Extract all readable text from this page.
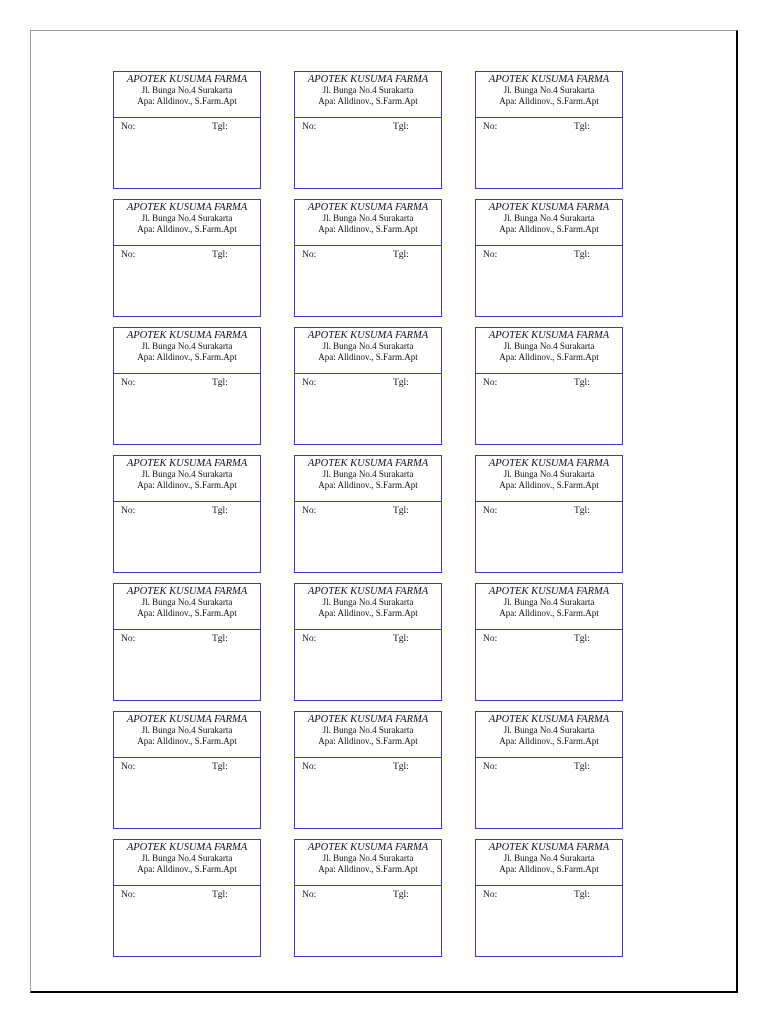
APOTEK KUSUMA FARMA
Jl. Bunga No.4 Surakarta
Apa: Alldinov., S.Farm.Apt
No:	Tgl:
APOTEK KUSUMA FARMA
Jl. Bunga No.4 Surakarta
Apa: Alldinov., S.Farm.Apt
No:	Tgl:
APOTEK KUSUMA FARMA
Jl. Bunga No.4 Surakarta
Apa: Alldinov., S.Farm.Apt
No:	Tgl:
APOTEK KUSUMA FARMA
Jl. Bunga No.4 Surakarta
Apa: Alldinov., S.Farm.Apt
No:	Tgl:
APOTEK KUSUMA FARMA
Jl. Bunga No.4 Surakarta
Apa: Alldinov., S.Farm.Apt
No:	Tgl:
APOTEK KUSUMA FARMA
Jl. Bunga No.4 Surakarta
Apa: Alldinov., S.Farm.Apt
No:	Tgl:
APOTEK KUSUMA FARMA
Jl. Bunga No.4 Surakarta
Apa: Alldinov., S.Farm.Apt
No:	Tgl:
APOTEK KUSUMA FARMA
Jl. Bunga No.4 Surakarta
Apa: Alldinov., S.Farm.Apt
No:	Tgl:
APOTEK KUSUMA FARMA
Jl. Bunga No.4 Surakarta
Apa: Alldinov., S.Farm.Apt
No:	Tgl:
APOTEK KUSUMA FARMA
Jl. Bunga No.4 Surakarta
Apa: Alldinov., S.Farm.Apt
No:	Tgl:
APOTEK KUSUMA FARMA
Jl. Bunga No.4 Surakarta
Apa: Alldinov., S.Farm.Apt
No:	Tgl:
APOTEK KUSUMA FARMA
Jl. Bunga No.4 Surakarta
Apa: Alldinov., S.Farm.Apt
No:	Tgl:
APOTEK KUSUMA FARMA
Jl. Bunga No.4 Surakarta
Apa: Alldinov., S.Farm.Apt
No:	Tgl:
APOTEK KUSUMA FARMA
Jl. Bunga No.4 Surakarta
Apa: Alldinov., S.Farm.Apt
No:	Tgl:
APOTEK KUSUMA FARMA
Jl. Bunga No.4 Surakarta
Apa: Alldinov., S.Farm.Apt
No:	Tgl:
APOTEK KUSUMA FARMA
Jl. Bunga No.4 Surakarta
Apa: Alldinov., S.Farm.Apt
No:	Tgl:
APOTEK KUSUMA FARMA
Jl. Bunga No.4 Surakarta
Apa: Alldinov., S.Farm.Apt
No:	Tgl:
APOTEK KUSUMA FARMA
Jl. Bunga No.4 Surakarta
Apa: Alldinov., S.Farm.Apt
No:	Tgl:
APOTEK KUSUMA FARMA
Jl. Bunga No.4 Surakarta
Apa: Alldinov., S.Farm.Apt
No:	Tgl:
APOTEK KUSUMA FARMA
Jl. Bunga No.4 Surakarta
Apa: Alldinov., S.Farm.Apt
No:	Tgl:
APOTEK KUSUMA FARMA
Jl. Bunga No.4 Surakarta
Apa: Alldinov., S.Farm.Apt
No:	Tgl:
